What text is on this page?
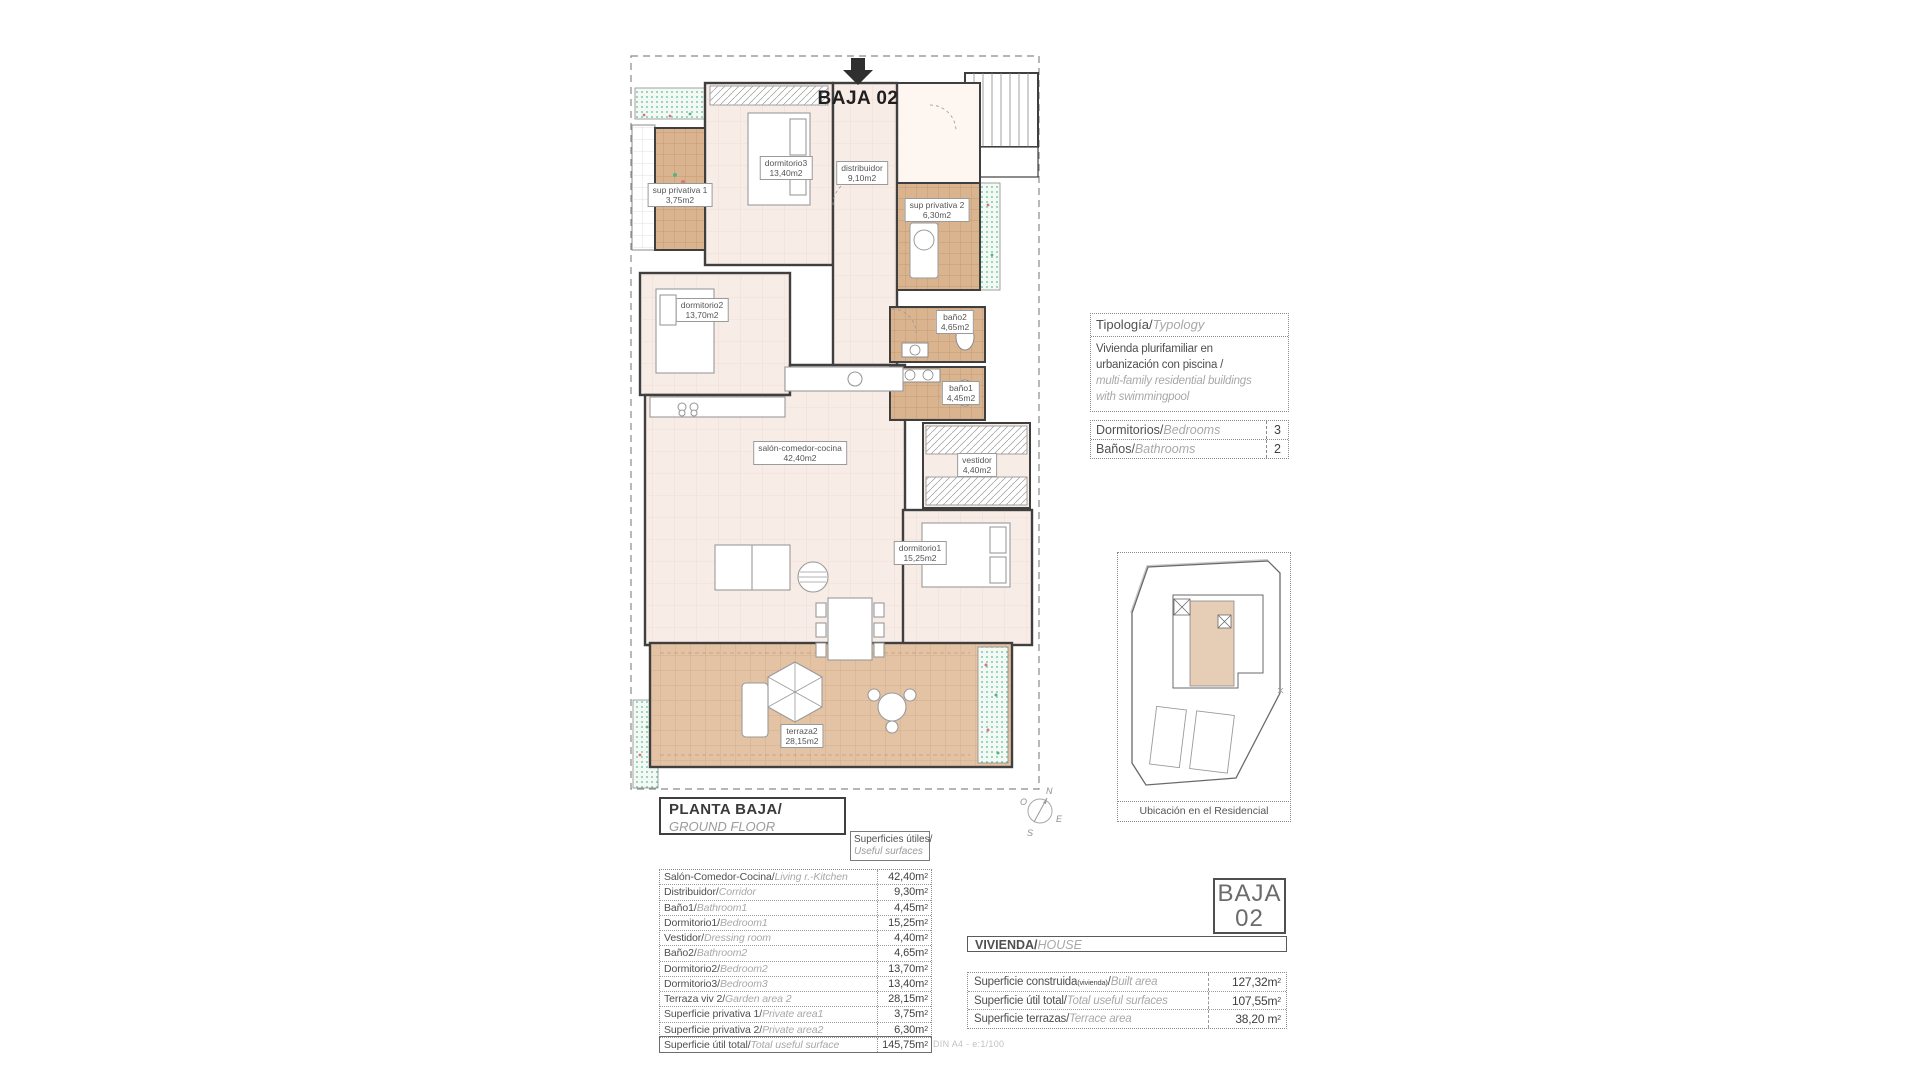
BAJA 02
sup privativa 1
3,75m2
dormitorio3
13,40m2	distribuidor
9,10m2
sup privativa 2
6,30m2
dormitorio2
13,70m2	baño2
4,65m2
baño1
4,45m2
vestidor
4,40m2
salón-comedor-cocina
42,40m2
dormitorio1
15,25m2
terraza2
28,15m2
Tipología/Typology
Vivienda plurifamiliar en
urbanización con piscina /
multi-family residential buildings
with swimmingpool
Dormitorios/Bedrooms	3
Baños/Bathrooms	2
Ubicación en el Residencial
N
O
E
S
PLANTA BAJA/
GROUND FLOOR
Superficies útiles/
Useful surfaces
Salón-Comedor-Cocina/Living r.-Kitchen	42,40m 2
Distribuidor/Corridor	9,30m 2
Baño1/Bathroom1	4,45m 2
Dormitorio1/Bedroom1	15,25m 2
Vestidor/Dressing room	4,40m 2
Baño2/Bathroom2	4,65m 2
Dormitorio2/Bedroom2	13,70m 2
Dormitorio3/Bedroom3	13,40m 2
Terraza viv 2/Garden area 2	28,15m 2
Superficie privativa 1/Private area1	3,75m 2
Superficie privativa 2/Private area2	6,30m 2
Superficie útil total/Total useful surface	145,75m 2 DIN A4 - e:1/100
BAJA
02
VIVIENDA/HOUSE
Superficie construida(vivienda)/Built area	127,32m 2
Superficie útil total/Total useful surfaces	107,55m 2
Superficie terrazas/Terrace area	38,20 m 2
